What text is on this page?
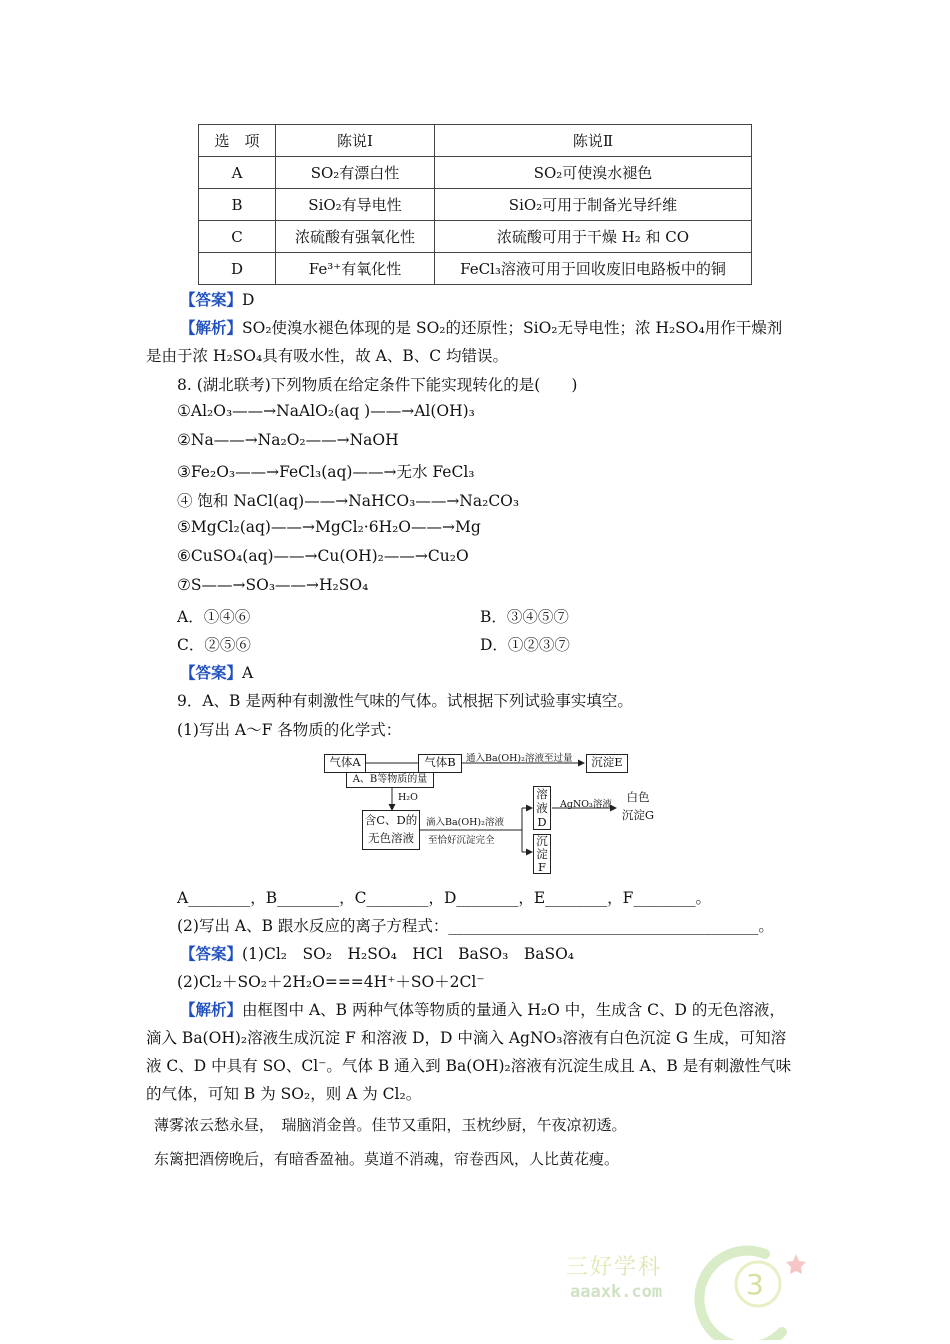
选　项	陈说Ⅰ	陈说Ⅱ
A	SO₂有漂白性	SO₂可使溴水褪色
B	SiO₂有导电性	SiO₂可用于制备光导纤维
C	浓硫酸有强氧化性	浓硫酸可用于干燥 H₂ 和 CO
D	Fe³⁺有氧化性	FeCl₃溶液可用于回收废旧电路板中的铜
【答案】D
【解析】SO₂使溴水褪色体现的是 SO₂的还原性；SiO₂无导电性；浓 H₂SO₄用作干燥剂
是由于浓 H₂SO₄具有吸水性，故 A、B、C 均错误。
8. (湖北联考)下列物质在给定条件下能实现转化的是(　　)
①Al₂O₃——→NaAlO₂(aq )——→Al(OH)₃
②Na——→Na₂O₂——→NaOH
③Fe₂O₃——→FeCl₃(aq)——→无水 FeCl₃
④ 饱和 NaCl(aq)——→NaHCO₃——→Na₂CO₃
⑤MgCl₂(aq)——→MgCl₂·6H₂O——→Mg
⑥CuSO₄(aq)——→Cu(OH)₂——→Cu₂O
⑦S——→SO₃——→H₂SO₄
A．①④⑥	B．③④⑤⑦
C．②⑤⑥	D．①②③⑦
【答案】A
9．A、B 是两种有刺激性气味的气体。试根据下列试验事实填空。
(1)写出 A～F 各物质的化学式：
气体A	气体B
A、B等物质的量
通入Ba(OH)₂溶液至过量	沉淀E
H₂O
含C、D的
无色溶液
滴入Ba(OH)₂溶液
至恰好沉淀完全
溶液D
沉淀F
AgNO₃溶液
白色
沉淀G
A________，B________，C________，D________，E________，F________。
(2)写出 A、B 跟水反应的离子方程式：________________________________________。
【答案】(1)Cl₂　SO₂　H₂SO₄　HCl　BaSO₃　BaSO₄
(2)Cl₂＋SO₂＋2H₂O===4H⁺＋SO＋2Cl⁻
【解析】由框图中 A、B 两种气体等物质的量通入 H₂O 中，生成含 C、D 的无色溶液，
滴入 Ba(OH)₂溶液生成沉淀 F 和溶液 D，D 中滴入 AgNO₃溶液有白色沉淀 G 生成，可知溶
液 C、D 中具有 SO、Cl⁻。气体 B 通入到 Ba(OH)₂溶液有沉淀生成且 A、B 是有刺激性气味
的气体，可知 B 为 SO₂，则 A 为 Cl₂。
薄雾浓云愁永昼，　瑞脑消金兽。佳节又重阳，玉枕纱厨，午夜凉初透。
东篱把酒傍晚后，有暗香盈袖。莫道不消魂，帘卷西风，人比黄花瘦。
3
三好学科
aaaxk.com
